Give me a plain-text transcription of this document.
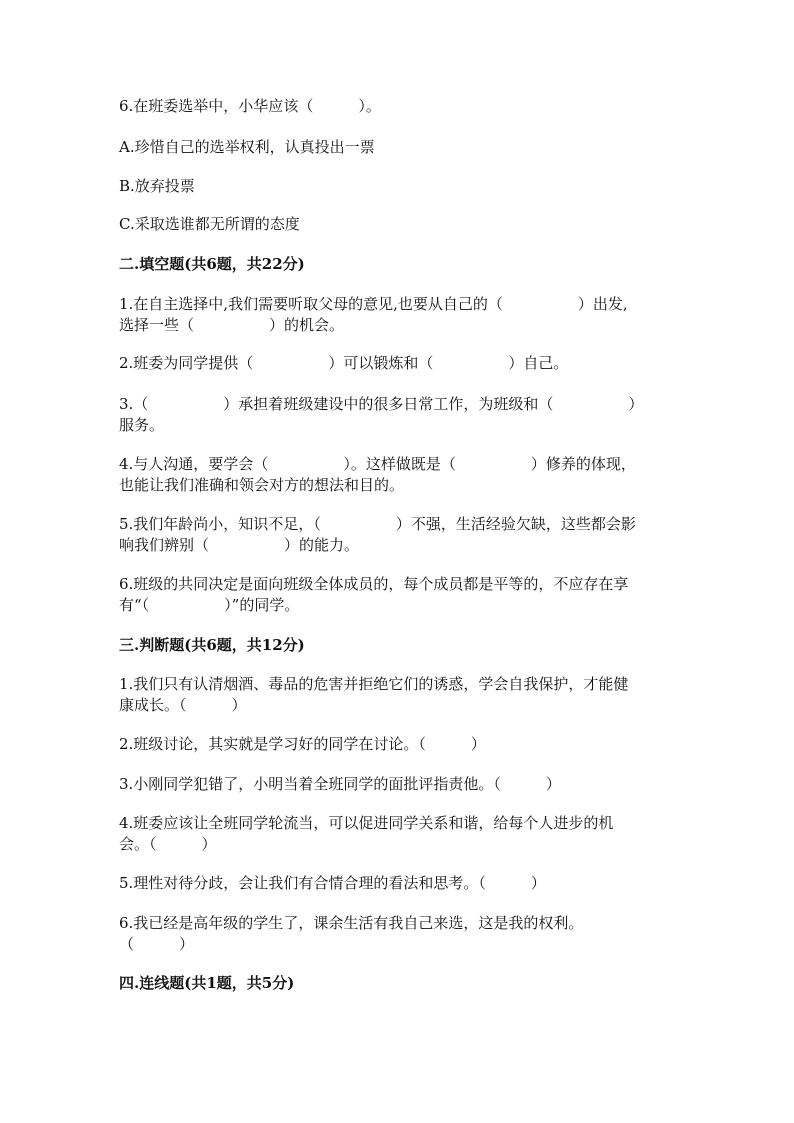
6.在班委选举中，小华应该（　　　）。
A.珍惜自己的选举权利，认真投出一票
B.放弃投票
C.采取选谁都无所谓的态度
二.填空题(共6题，共22分)
1.在自主选择中,我们需要听取父母的意见,也要从自己的（　　　　　）出发,
选择一些（　　　　　）的机会。
2.班委为同学提供（　　　　　）可以锻炼和（　　　　　）自己。
3.（　　　　　）承担着班级建设中的很多日常工作，为班级和（　　　　　）
服务。
4.与人沟通，要学会（　　　　　）。这样做既是（　　　　　）修养的体现，
也能让我们准确和领会对方的想法和目的。
5.我们年龄尚小，知识不足，（　　　　　）不强，生活经验欠缺，这些都会影
响我们辨别（　　　　　）的能力。
6.班级的共同决定是面向班级全体成员的，每个成员都是平等的，不应存在享
有“（　　　　　）”的同学。
三.判断题(共6题，共12分)
1.我们只有认清烟酒、毒品的危害并拒绝它们的诱惑，学会自我保护，才能健
康成长。（　　　）
2.班级讨论，其实就是学习好的同学在讨论。（　　　）
3.小刚同学犯错了，小明当着全班同学的面批评指责他。（　　　）
4.班委应该让全班同学轮流当，可以促进同学关系和谐，给每个人进步的机
会。（　　　）
5.理性对待分歧，会让我们有合情合理的看法和思考。（　　　）
6.我已经是高年级的学生了，课余生活有我自己来选，这是我的权利。
（　　　）
四.连线题(共1题，共5分)
